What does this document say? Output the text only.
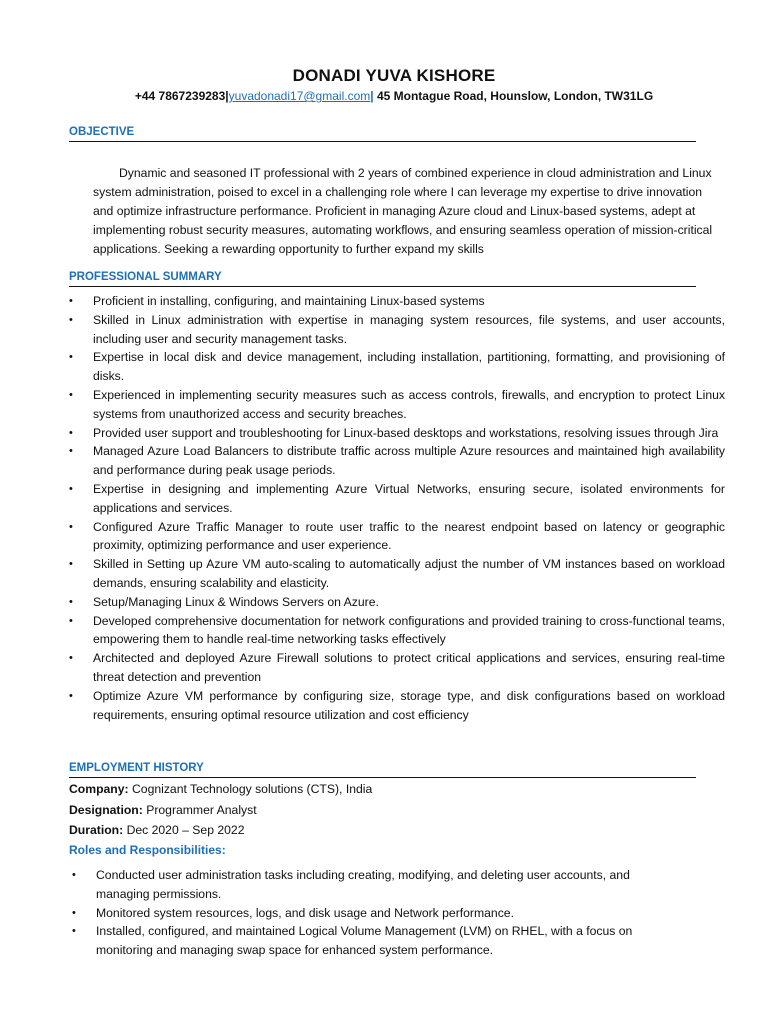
DONADI YUVA KISHORE
+44 7867239283|yuvadonadi17@gmail.com| 45 Montague Road, Hounslow, London, TW31LG
OBJECTIVE

Dynamic and seasoned IT professional with 2 years of combined experience in cloud administration and Linux system administration, poised to excel in a challenging role where I can leverage my expertise to drive innovation and optimize infrastructure performance. Proficient in managing Azure cloud and Linux-based systems, adept at implementing robust security measures, automating workflows, and ensuring seamless operation of mission-critical applications. Seeking a rewarding opportunity to further expand my skills

PROFESSIONAL SUMMARY
• Proficient in installing, configuring, and maintaining Linux-based systems
• Skilled in Linux administration with expertise in managing system resources, file systems, and user accounts, including user and security management tasks.
• Expertise in local disk and device management, including installation, partitioning, formatting, and provisioning of disks.
• Experienced in implementing security measures such as access controls, firewalls, and encryption to protect Linux systems from unauthorized access and security breaches.
• Provided user support and troubleshooting for Linux-based desktops and workstations, resolving issues through Jira
• Managed Azure Load Balancers to distribute traffic across multiple Azure resources and maintained high availability and performance during peak usage periods.
• Expertise in designing and implementing Azure Virtual Networks, ensuring secure, isolated environments for applications and services.
• Configured Azure Traffic Manager to route user traffic to the nearest endpoint based on latency or geographic proximity, optimizing performance and user experience.
• Skilled in Setting up Azure VM auto-scaling to automatically adjust the number of VM instances based on workload demands, ensuring scalability and elasticity.
• Setup/Managing Linux & Windows Servers on Azure.
• Developed comprehensive documentation for network configurations and provided training to cross-functional teams, empowering them to handle real-time networking tasks effectively
• Architected and deployed Azure Firewall solutions to protect critical applications and services, ensuring real-time threat detection and prevention
• Optimize Azure VM performance by configuring size, storage type, and disk configurations based on workload requirements, ensuring optimal resource utilization and cost efficiency
EMPLOYMENT HISTORY
Company: Cognizant Technology solutions (CTS), India
Designation: Programmer Analyst
Duration: Dec 2020 – Sep 2022
Roles and Responsibilities:
• Conducted user administration tasks including creating, modifying, and deleting user accounts, and managing permissions.
• Monitored system resources, logs, and disk usage and Network performance.
• Installed, configured, and maintained Logical Volume Management (LVM) on RHEL, with a focus on monitoring and managing swap space for enhanced system performance.
